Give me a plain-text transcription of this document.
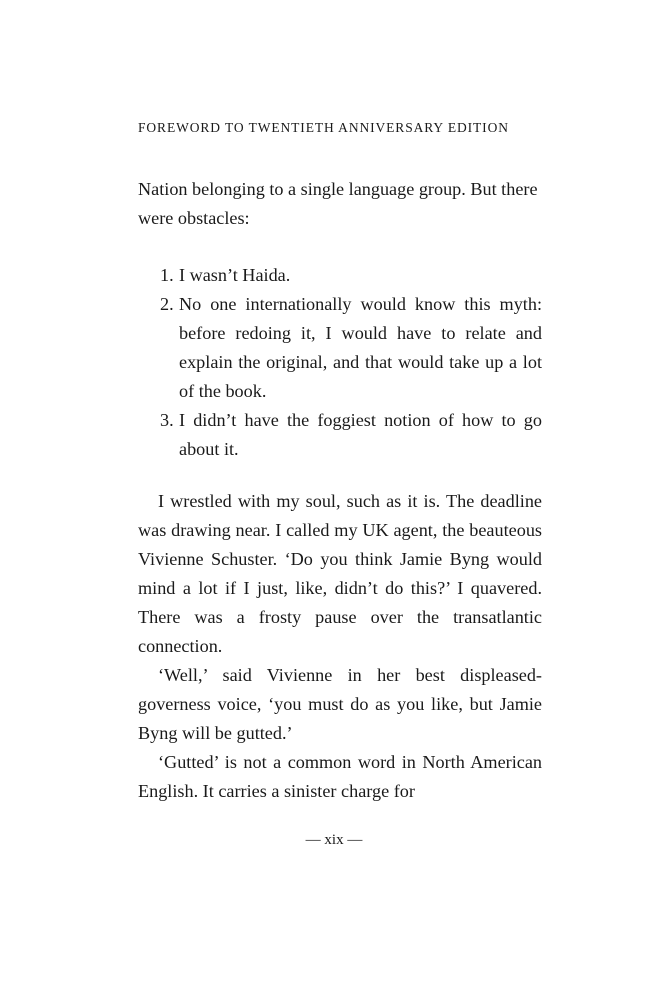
FOREWORD TO TWENTIETH ANNIVERSARY EDITION

Nation belonging to a single language group. But there were obstacles:

1. I wasn’t Haida.
2. No one internationally would know this myth: before redoing it, I would have to relate and explain the original, and that would take up a lot of the book.
3. I didn’t have the foggiest notion of how to go about it.

I wrestled with my soul, such as it is. The deadline was drawing near. I called my UK agent, the beauteous Vivienne Schuster. ‘Do you think Jamie Byng would mind a lot if I just, like, didn’t do this?’ I quavered. There was a frosty pause over the transatlantic connection.

‘Well,’ said Vivienne in her best displeased-governess voice, ‘you must do as you like, but Jamie Byng will be gutted.’

‘Gutted’ is not a common word in North American English. It carries a sinister charge for

— xix —
